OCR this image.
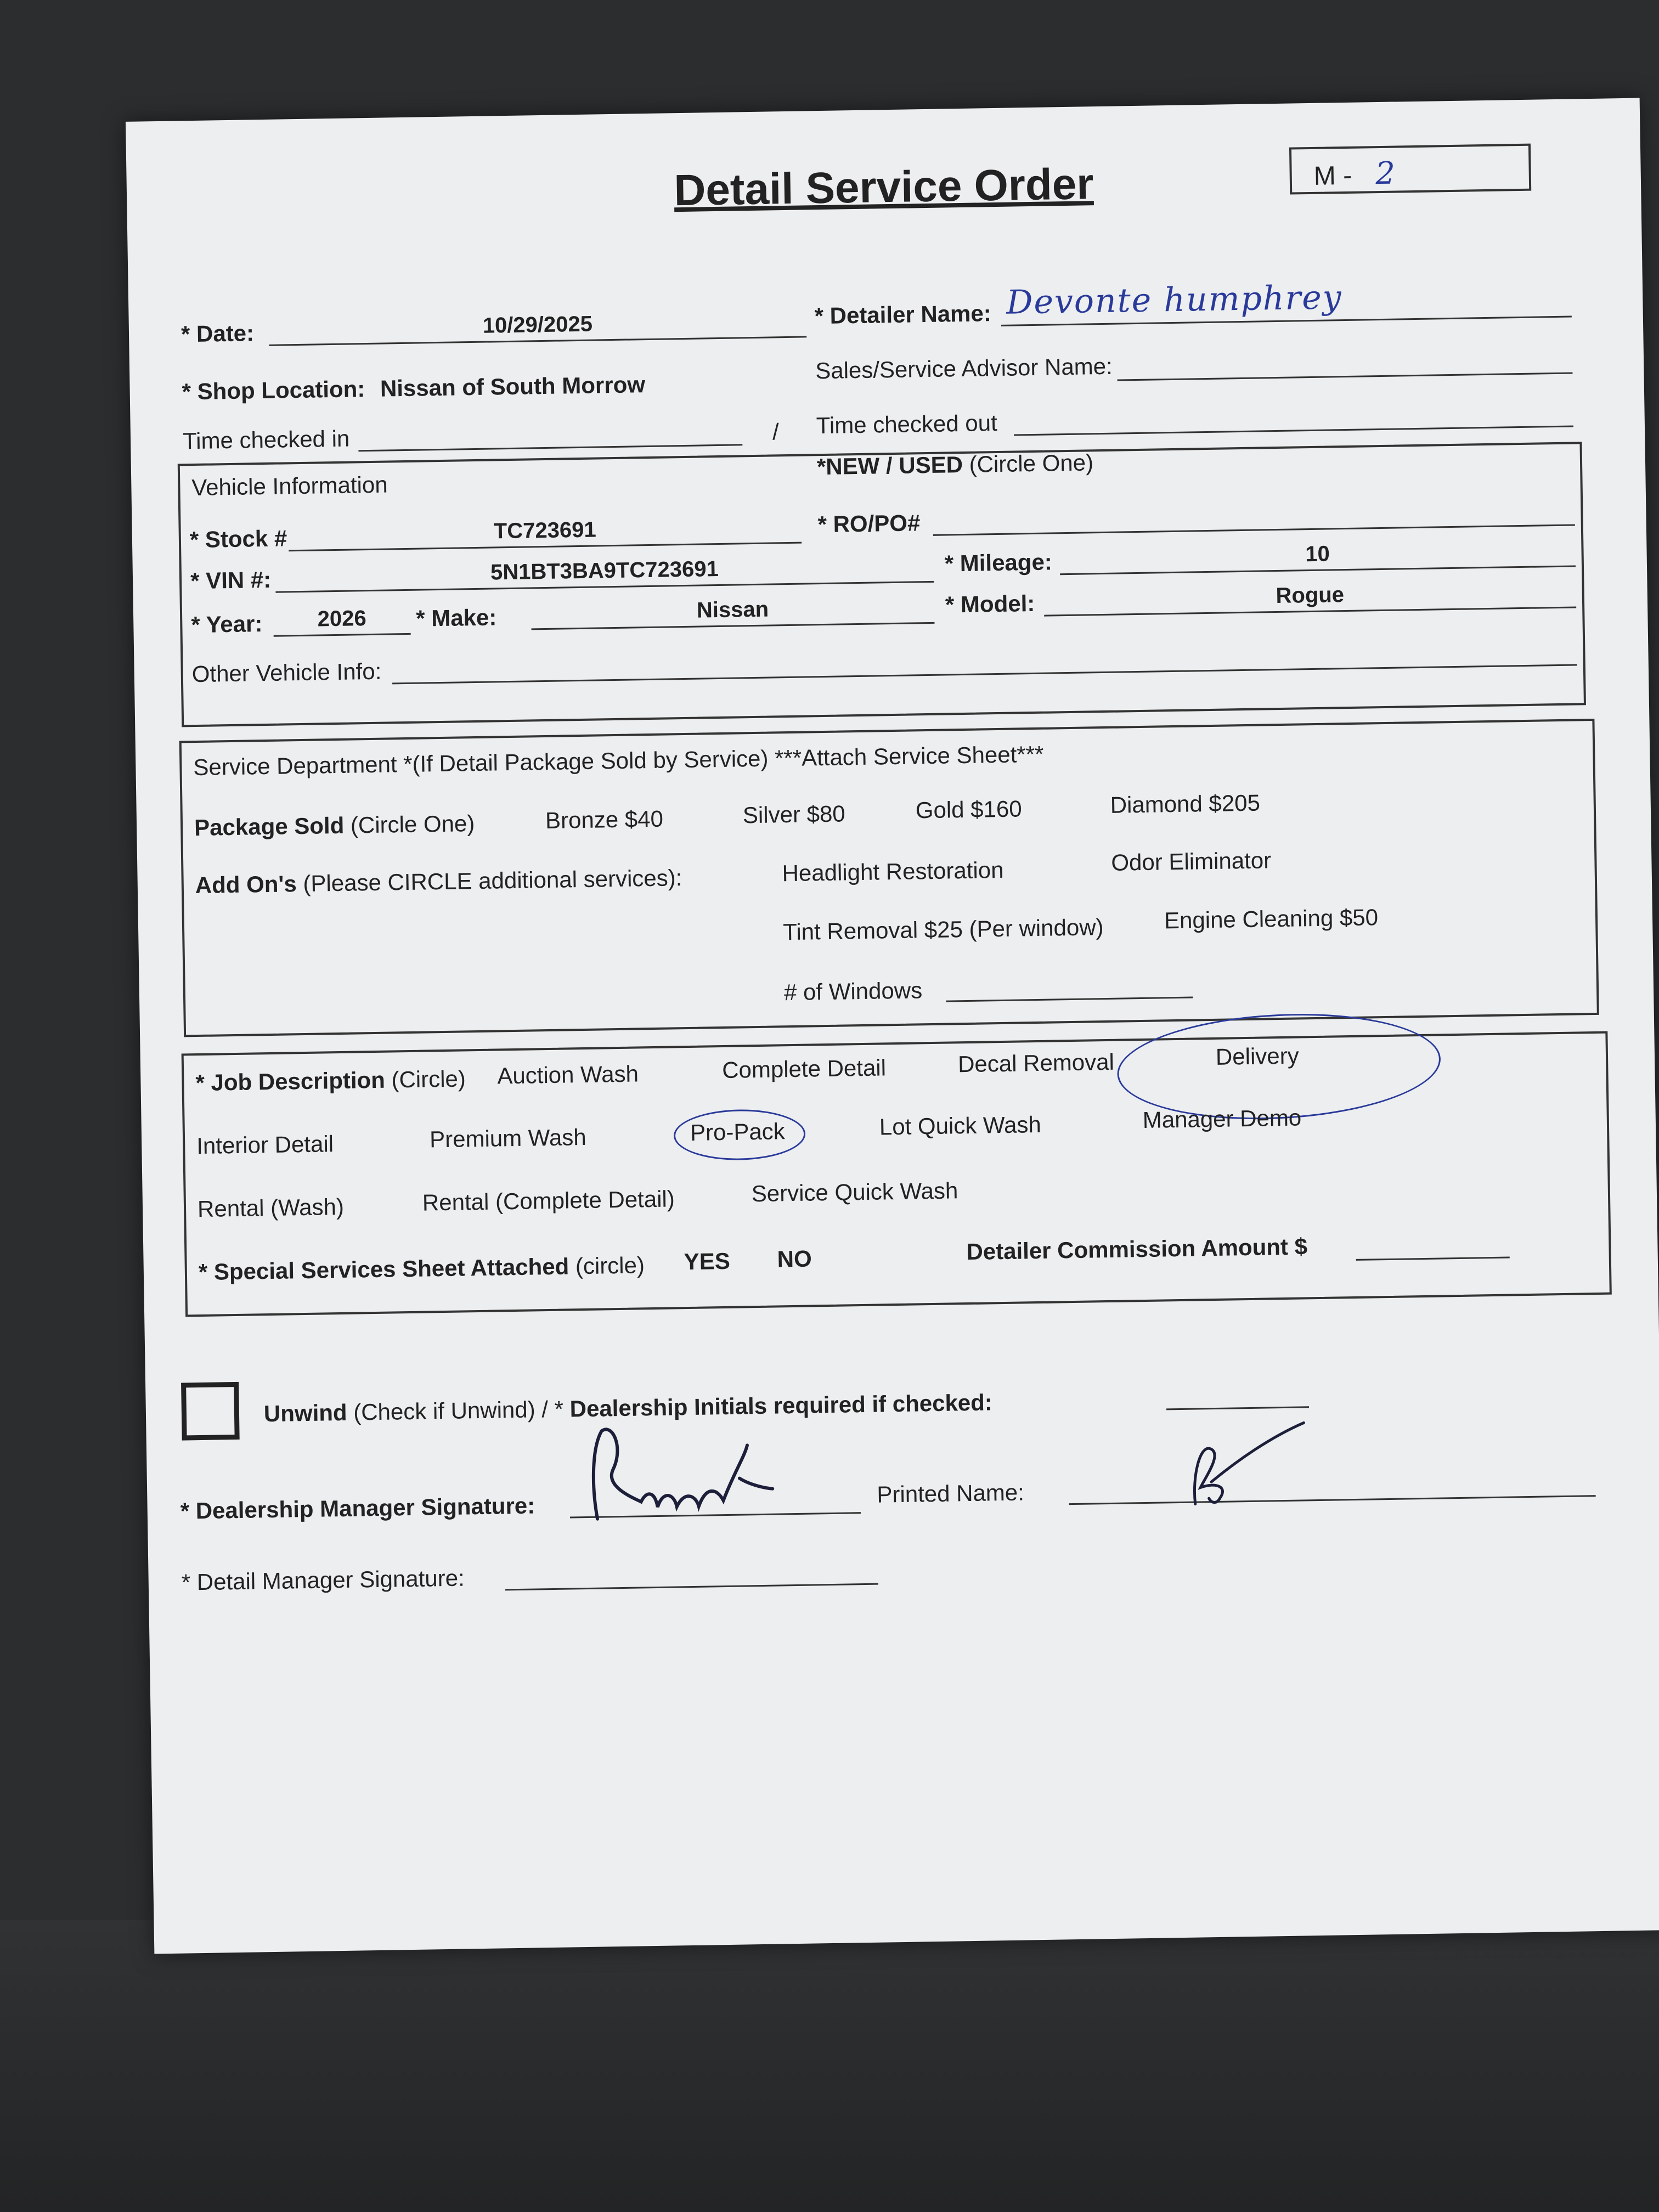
Detail Service Order	M - 2
* Date:	10/29/2025	* Detailer Name: Devonte humphrey
* Shop Location: Nissan of South Morrow
Sales/Service Advisor Name:
Time checked in	/ Time checked out
Vehicle Information
*NEW / USED (Circle One)
* Stock #	TC723691	* RO/PO#
* VIN #:	5N1BT3BA9TC723691	* Mileage:	10
* Year:	2026	* Make:	Nissan	* Model:	Rogue
Other Vehicle Info:
Service Department *(If Detail Package Sold by Service) ***Attach Service Sheet***
Package Sold (Circle One)	Bronze $40	Silver $80	Gold $160	Diamond $205
Add On's (Please CIRCLE additional services):	Headlight Restoration	Odor Eliminator
Tint Removal $25 (Per window)	Engine Cleaning $50
# of Windows
* Job Description (Circle) Auction Wash	Complete Detail	Decal Removal	Delivery
Interior Detail	Premium Wash	Pro-Pack	Lot Quick Wash	Manager Demo
Rental (Wash)	Rental (Complete Detail)	Service Quick Wash
* Special Services Sheet Attached (circle) YES NO	Detailer Commission Amount $
Unwind (Check if Unwind) / * Dealership Initials required if checked:
* Dealership Manager Signature:	Printed Name:
* Detail Manager Signature:
